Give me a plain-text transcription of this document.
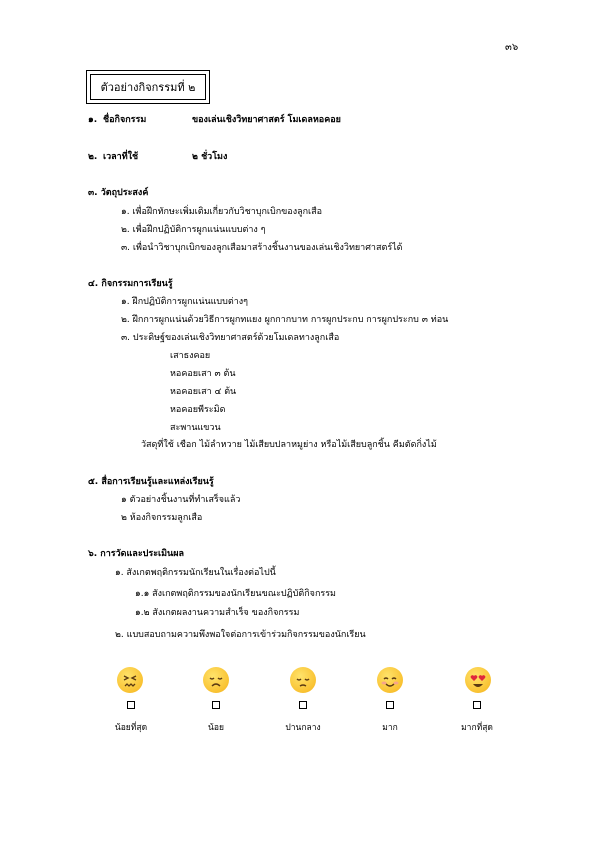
๓๖
ตัวอย่างกิจกรรมที่ ๒
๑. ชื่อกิจกรรม	ของเล่นเชิงวิทยาศาสตร์ โมเดลหอคอย
๒. เวลาที่ใช้	๒ ชั่วโมง
๓. วัตถุประสงค์
๑. เพื่อฝึกทักษะเพิ่มเติมเกี่ยวกับวิชาบุกเบิกของลูกเสือ
๒. เพื่อฝึกปฏิบัติการผูกแน่นแบบต่าง ๆ
๓. เพื่อนำวิชาบุกเบิกของลูกเสือมาสร้างชิ้นงานของเล่นเชิงวิทยาศาสตร์ได้
๔. กิจกรรมการเรียนรู้
๑. ฝึกปฏิบัติการผูกแน่นแบบต่างๆ
๒. ฝึกการผูกแน่นด้วยวิธีการผูกทแยง ผูกกากบาท การผูกประกบ การผูกประกบ ๓ ท่อน
๓. ประดิษฐ์ของเล่นเชิงวิทยาศาสตร์ด้วยโมเดลทางลูกเสือ
เสาธงคอย
หอคอยเสา ๓ ต้น
หอคอยเสา ๔ ต้น
หอคอยพีระมิด
สะพานแขวน
วัสดุที่ใช้ เชือก ไม้ลำหวาย ไม้เสียบปลาหมูย่าง หรือไม้เสียบลูกชิ้น คีมตัดกิ่งไม้
๕. สื่อการเรียนรู้และแหล่งเรียนรู้
๑ ตัวอย่างชิ้นงานที่ทำเสร็จแล้ว
๒ ห้องกิจกรรมลูกเสือ
๖. การวัดและประเมินผล
๑. สังเกตพฤติกรรมนักเรียนในเรื่องต่อไปนี้
๑.๑ สังเกตพฤติกรรมของนักเรียนขณะปฏิบัติกิจกรรม
๑.๒ สังเกตผลงานความสำเร็จ ของกิจกรรม
๒. แบบสอบถามความพึงพอใจต่อการเข้าร่วมกิจกรรมของนักเรียน
น้อยที่สุด	น้อย	ปานกลาง	มาก	มากที่สุด
